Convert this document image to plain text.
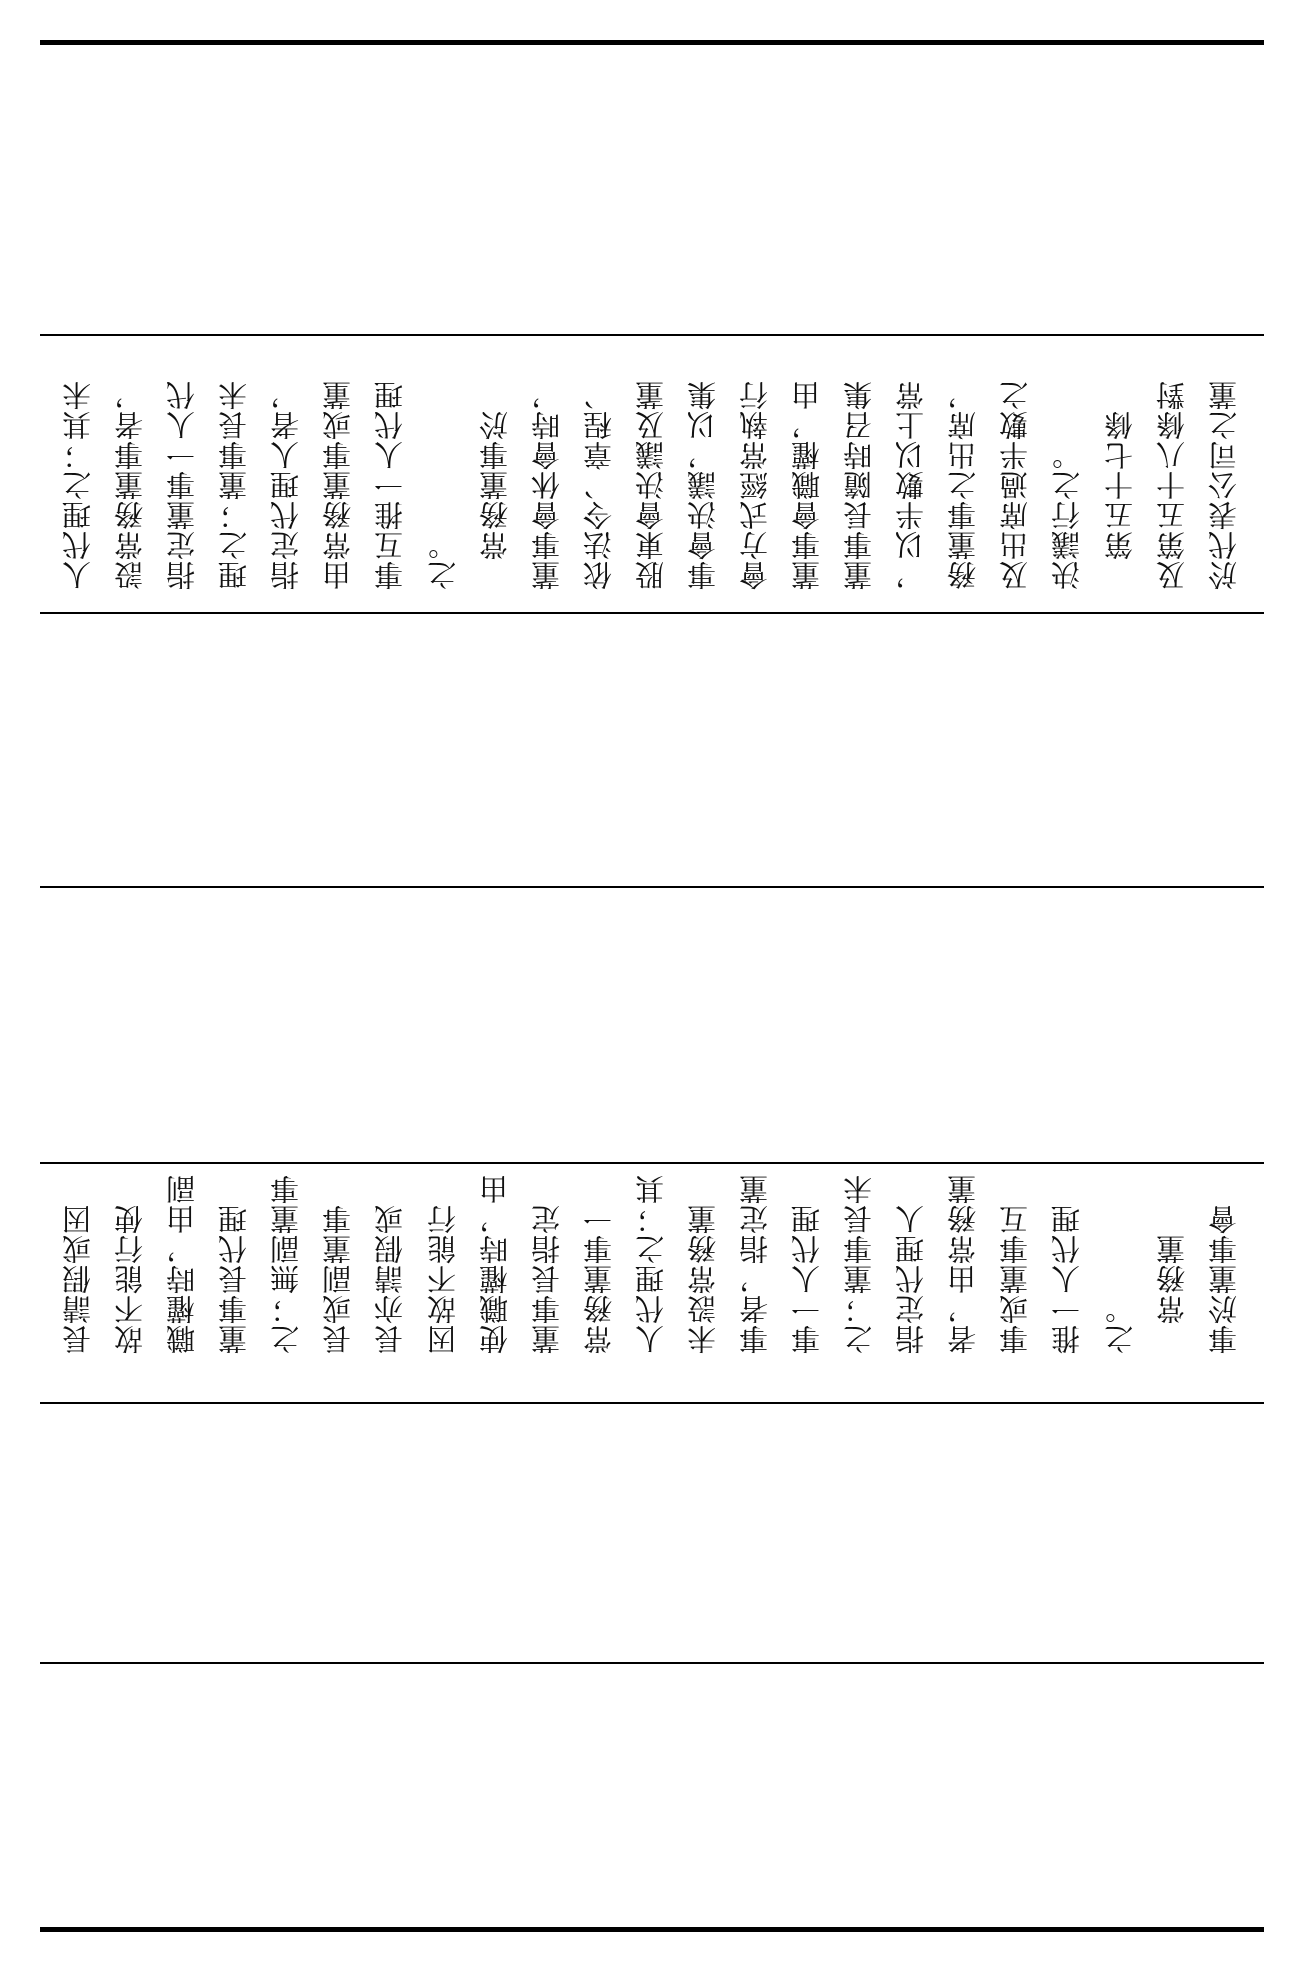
人代理之；其未 設常務董事者， 指定董事一人代 理之；董事長未 指定代理人者， 由常務董事或董 事互推一人代理 之。 　常務董事於 董事會休會時， 依法令、章程、 股東會決議及董 事會決議，以集 會方式經常執行 董事會職權，由 董事長隨時召集 ，以半數以上常 務董事之出席， 及出席過半數之 決議行之。 　第五十七條 及第五十八條對 於代表公司之董
長請假或因 故不能行使 職權時，由副 董事長代理 之；無副董事 長或副董事 長亦請假或 因故不能行 使職權時，由 董事長指定 常務董事一 人代理之；其 未設常務董 事者，指定董 事一人代理 之；董事長未 指定代理人 者，由常務董 事或董事互 推一人代理 之。 　常務董 事於董事會
